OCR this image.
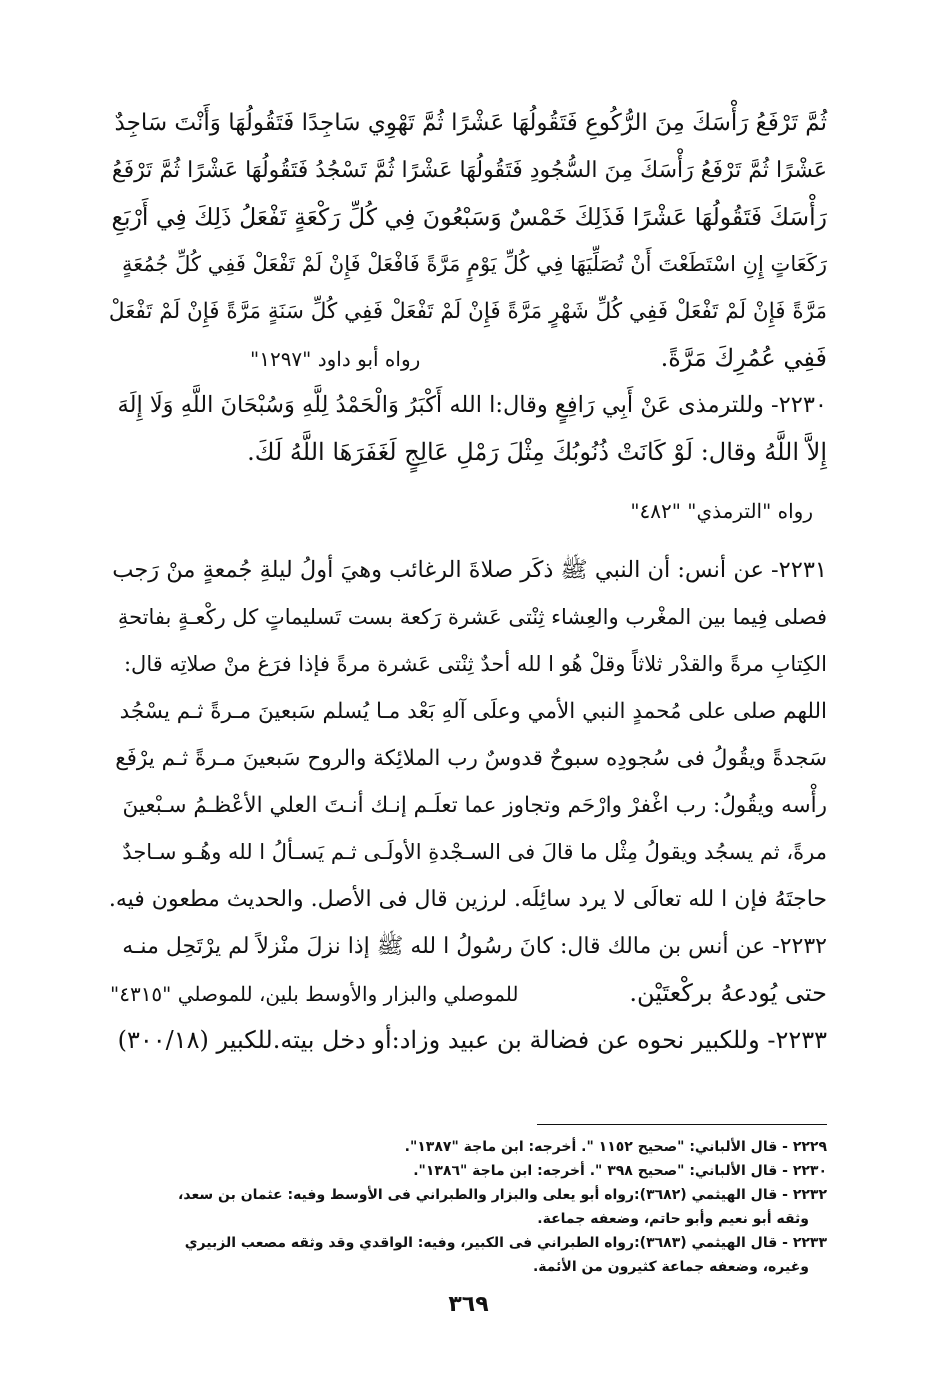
ثُمَّ تَرْفَعُ رَأْسَكَ مِنَ الرُّكُوعِ فَتَقُولُهَا عَشْرًا ثُمَّ تَهْوِي سَاجِدًا فَتَقُولُهَا وَأَنْتَ سَاجِدٌ
عَشْرًا ثُمَّ تَرْفَعُ رَأْسَكَ مِنَ السُّجُودِ فَتَقُولُهَا عَشْرًا ثُمَّ تَسْجُدُ فَتَقُولُهَا عَشْرًا ثُمَّ تَرْفَعُ
رَأْسَكَ فَتَقُولُهَا عَشْرًا فَذَلِكَ خَمْسٌ وَسَبْعُونَ فِي كُلِّ رَكْعَةٍ تَفْعَلُ ذَلِكَ فِي أَرْبَعِ
رَكَعَاتٍ إِنِ اسْتَطَعْتَ أَنْ تُصَلِّيَهَا فِي كُلِّ يَوْمٍ مَرَّةً فَافْعَلْ فَإِنْ لَمْ تَفْعَلْ فَفِي كُلِّ جُمُعَةٍ
مَرَّةً فَإِنْ لَمْ تَفْعَلْ فَفِي كُلِّ شَهْرٍ مَرَّةً فَإِنْ لَمْ تَفْعَلْ فَفِي كُلِّ سَنَةٍ مَرَّةً فَإِنْ لَمْ تَفْعَلْ
فَفِي عُمُرِكَ مَرَّةً.
رواه أبو داود "١٢٩٧"
٢٢٣٠- وللترمذى عَنْ أَبِي رَافِعٍ وقال:ا الله أَكْبَرُ وَالْحَمْدُ لِلَّهِ وَسُبْحَانَ اللَّهِ وَلَا إِلَهَ
إِلاَّ اللَّهُ وقال: لَوْ كَانَتْ ذُنُوبُكَ مِثْلَ رَمْلِ عَالِجٍ لَغَفَرَهَا اللَّهُ لَكَ.
رواه "الترمذي" "٤٨٢"
٢٢٣١- عن أنس: أن النبي ﷺ ذكَر صلاةَ الرغائب وهيَ أولُ ليلةِ جُمعةٍ منْ رَجب
فصلى فِيما بين المغْرب والعِشاء ثِنْتى عَشرة رَكعة بست تَسليماتٍ كل ركْعـةٍ بفاتحةِ
الكِتابِ مرةً والقدْر ثلاثاً وقلْ هُو ا لله أحدٌ ثِنْتى عَشرة مرةً فإذا فرَغ منْ صلاتِه قال:
اللهم صلى على مُحمدٍ النبي الأمي وعلَى آلهِ بَعْد مـا يُسلم سَبعينَ مـرةً ثـم يسْجُد
سَجدةً ويقُولُ فى سُجودِه سبوحٌ قدوسٌ رب الملائِكة والروح سَبعينَ مـرةً ثـم يرْفَع
رأْسه ويقُولُ: رب اغْفرْ وارْحَم وتجاوز عما تعلَـم إنـك أنـتَ العلي الأعْظـمُ سـبْعينَ
مرةً، ثم يسجُد ويقولُ مِثْل ما قالَ فى السـجْدةِ الأولَـى ثـم يَسـألُ ا لله وهُـو سـاجدٌ
حاجتَهُ فإن ا لله تعالَى لا يرد سائِلَه. لرزين قال فى الأصل. والحديث مطعون فيه.
٢٢٣٢- عن أنس بن مالك قال: كانَ رسُولُ ا لله ﷺ إذا نزلَ منْزلاً لم يرْتَحِل منـه
حتى يُودعهُ بركْعتَيْن.
للموصلي والبزار والأوسط بلين، للموصلي "٤٣١٥"
٢٢٣٣- وللكبير نحوه عن فضالة بن عبيد وزاد:أو دخل بيته.للكبير (٣٠٠/١٨)
٢٢٢٩ - قال الألباني: "صحيح ١١٥٢ ". أخرجه: ابن ماجة "١٣٨٧".
٢٢٣٠ - قال الألباني: "صحيح ٣٩٨ ". أخرجه: ابن ماجة "١٣٨٦".
٢٢٣٢ - قال الهيثمي (٣٦٨٢):رواه أبو يعلى والبزار والطبراني فى الأوسط وفيه: عثمان بن سعد،
وثقه أبو نعيم وأبو حاتم، وضعفه جماعة.
٢٢٣٣ - قال الهيثمي (٣٦٨٣):رواه الطبراني فى الكبير، وفيه: الواقدي وقد وثقه مصعب الزبيري
وغيره، وضعفه جماعة كثيرون من الأئمة.
٣٦٩
